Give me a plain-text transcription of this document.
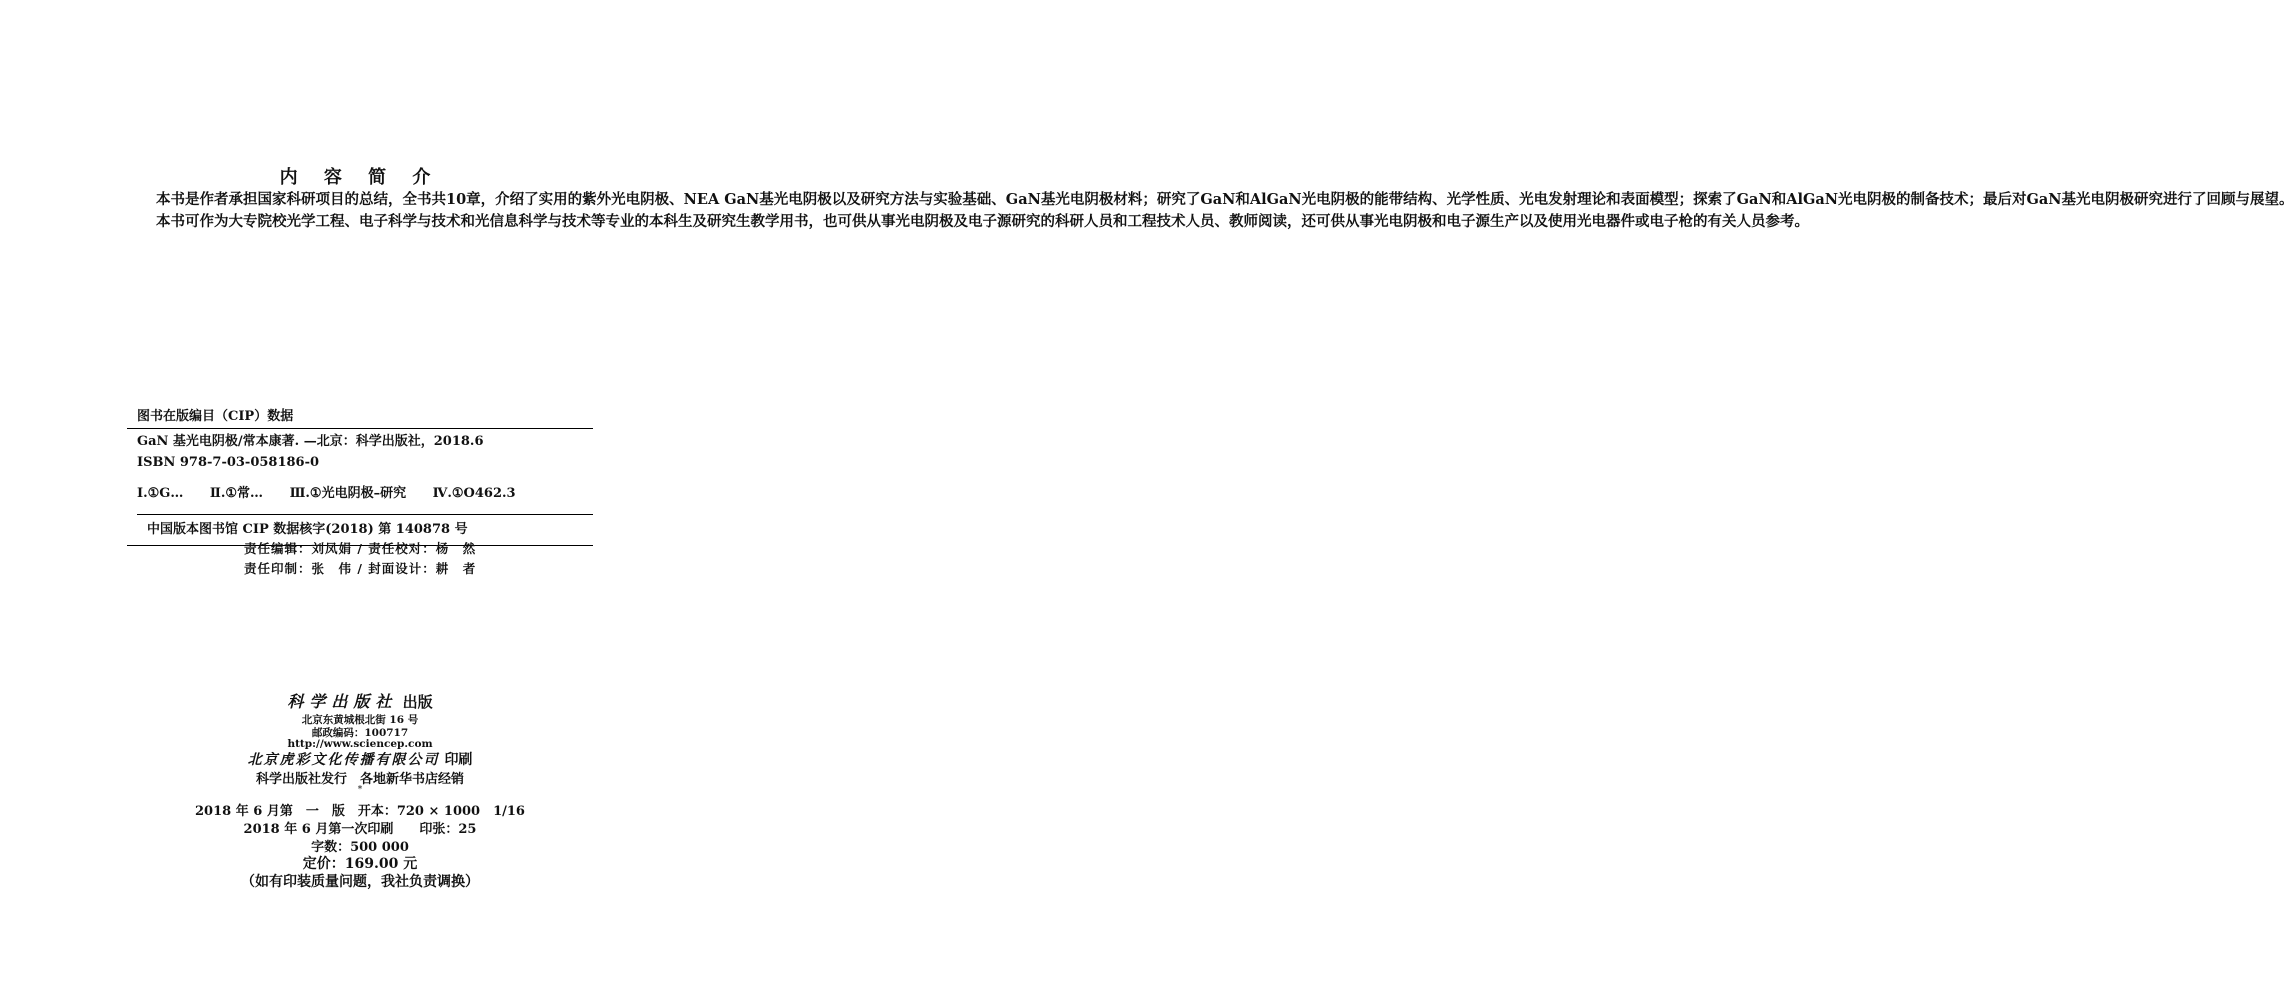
内 容 简 介

本书是作者承担国家科研项目的总结，全书共10章，介绍了实用的紫外光电阴极、NEA GaN基光电阴极以及研究方法与实验基础、GaN基光电阴极材料；研究了GaN和AlGaN光电阴极的能带结构、光学性质、光电发射理论和表面模型；探索了GaN和AlGaN光电阴极的制备技术；最后对GaN基光电阴极研究进行了回顾与展望。

本书可作为大专院校光学工程、电子科学与技术和光信息科学与技术等专业的本科生及研究生教学用书，也可供从事光电阴极及电子源研究的科研人员和工程技术人员、教师阅读，还可供从事光电阴极和电子源生产以及使用光电器件或电子枪的有关人员参考。

图书在版编目（CIP）数据
GaN 基光电阴极/常本康著. —北京：科学出版社，2018.6
ISBN 978-7-03-058186-0
Ⅰ.①G… Ⅱ.①常… Ⅲ.①光电阴极–研究 Ⅳ.①O462.3
中国版本图书馆 CIP 数据核字(2018) 第 140878 号
责任编辑：刘凤娟 / 责任校对：杨　然
责任印制：张　伟 / 封面设计：耕　者
科学出版社 出版
北京东黄城根北街 16 号
邮政编码：100717
http://www.sciencep.com
北京虎彩文化传播有限公司 印刷
科学出版社发行　各地新华书店经销
*
2018 年 6 月第　一　版　开本：720 × 1000　1/16
2018 年 6 月第一次印刷　　印张：25
字数：500 000
定价：169.00 元
（如有印装质量问题，我社负责调换）
